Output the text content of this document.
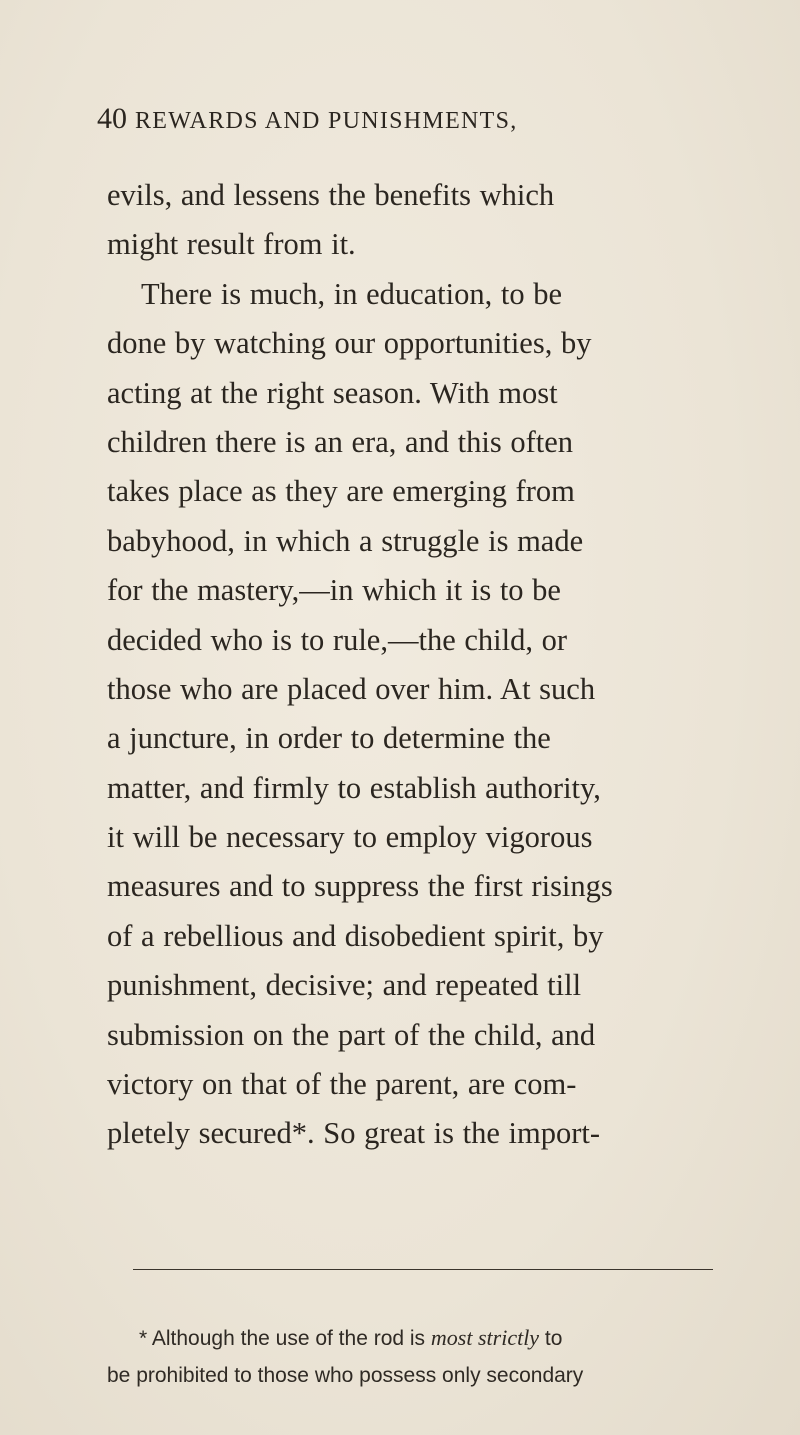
40 REWARDS AND PUNISHMENTS,
evils, and lessens the benefits which
might result from it.
There is much, in education, to be
done by watching our opportunities, by
acting at the right season. With most
children there is an era, and this often
takes place as they are emerging from
babyhood, in which a struggle is made
for the mastery,—in which it is to be
decided who is to rule,—the child, or
those who are placed over him. At such
a juncture, in order to determine the
matter, and firmly to establish authority,
it will be necessary to employ vigorous
measures and to suppress the first risings
of a rebellious and disobedient spirit, by
punishment, decisive; and repeated till
submission on the part of the child, and
victory on that of the parent, are com-
pletely secured*. So great is the import-
* Although the use of the rod is most strictly to
be prohibited to those who possess only secondary
